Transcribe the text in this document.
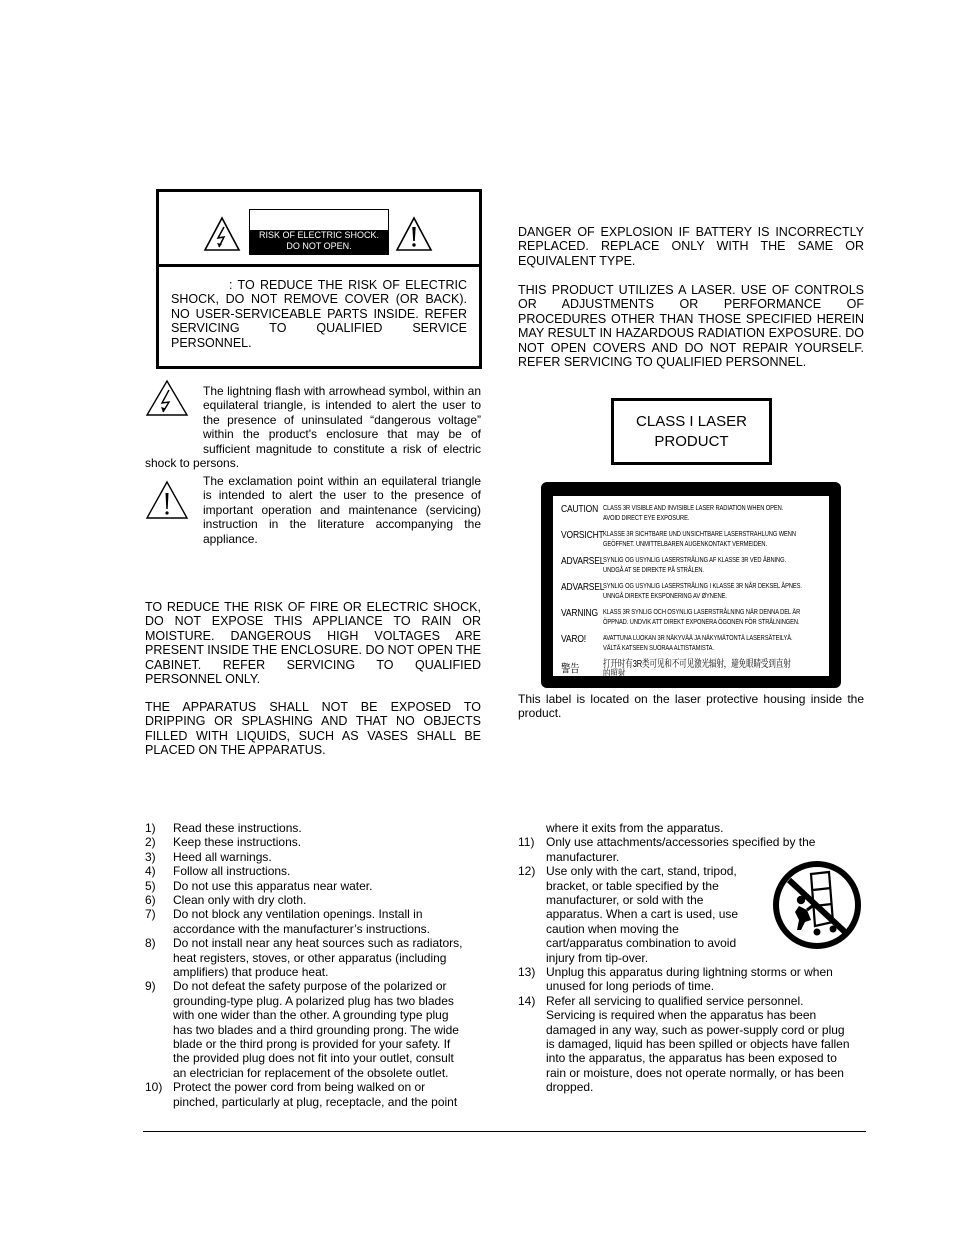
RISK OF ELECTRIC SHOCK.
DO NOT OPEN.
: TO REDUCE THE RISK OF ELECTRIC SHOCK, DO NOT REMOVE COVER (OR BACK). NO USER-SERVICEABLE PARTS INSIDE. REFER SERVICING TO QUALIFIED SERVICE PERSONNEL.
The lightning flash with arrowhead symbol, within an equilateral triangle, is intended to alert the user to the presence of uninsulated “dangerous voltage” within the product's enclosure that may be of sufficient magnitude to constitute a risk of electric shock to persons.
The exclamation point within an equilateral triangle is intended to alert the user to the presence of important operation and maintenance (servicing) instruction in the literature accompanying the appliance.
TO REDUCE THE RISK OF FIRE OR ELECTRIC SHOCK, DO NOT EXPOSE THIS APPLIANCE TO RAIN OR MOISTURE. DANGEROUS HIGH VOLTAGES ARE PRESENT INSIDE THE ENCLOSURE. DO NOT OPEN THE CABINET. REFER SERVICING TO QUALIFIED PERSONNEL ONLY.
THE APPARATUS SHALL NOT BE EXPOSED TO DRIPPING OR SPLASHING AND THAT NO OBJECTS FILLED WITH LIQUIDS, SUCH AS VASES SHALL BE PLACED ON THE APPARATUS.
DANGER OF EXPLOSION IF BATTERY IS INCORRECTLY REPLACED. REPLACE ONLY WITH THE SAME OR EQUIVALENT TYPE.
THIS PRODUCT UTILIZES A LASER. USE OF CONTROLS OR ADJUSTMENTS OR PERFORMANCE OF PROCEDURES OTHER THAN THOSE SPECIFIED HEREIN MAY RESULT IN HAZARDOUS RADIATION EXPOSURE. DO NOT OPEN COVERS AND DO NOT REPAIR YOURSELF. REFER SERVICING TO QUALIFIED PERSONNEL.
CLASS I LASER
PRODUCT
CAUTION CLASS 3R VISIBLE AND INVISIBLE LASER RADIATION WHEN OPEN.
AVOID DIRECT EYE EXPOSURE.
VORSICHT KLASSE 3R SICHTBARE UND UNSICHTBARE LASERSTRAHLUNG WENN
GEÖFFNET. UNMITTELBAREN AUGENKONTAKT VERMEIDEN.
ADVARSEL
SYNLIG OG USYNLIG LASERSTRÅLING AF KLASSE 3R VED ÅBNING.
UNDGÅ AT SE DIREKTE PÅ STRÅLEN.
ADVARSEL
SYNLIG OG USYNLIG LASERSTRÅLING I KLASSE 3R NÅR DEKSEL ÅPNES.
UNNGÅ DIREKTE EKSPONERING AV ØYNENE.
VARNING KLASS 3R SYNLIG OCH OSYNLIG LASERSTRÅLNING NÄR DENNA DEL ÄR
ÖPPNAD. UNDVIK ATT DIREKT EXPONERA ÖGONEN FÖR STRÅLNINGEN.
VARO!	AVATTUNA LUOKAN 3R NÄKYVÄÄ JA NÄKYMÄTÖNTÄ LASERSÄTEILYÄ.
VÄLTÄ KATSEEN SUORAA ALTISTAMISTA.
警告	打开时有3R类可见和不可见激光辐射，避免眼睛受到直射的照射
This label is located on the laser protective housing inside the product.
1) Read these instructions.
2) Keep these instructions.
3) Heed all warnings.
4) Follow all instructions.
5) Do not use this apparatus near water.
6) Clean only with dry cloth.
7) Do not block any ventilation openings. Install in
accordance with the manufacturer’s instructions.
8) Do not install near any heat sources such as radiators,
heat registers, stoves, or other apparatus (including
amplifiers) that produce heat.
9) Do not defeat the safety purpose of the polarized or
grounding-type plug. A polarized plug has two blades
with one wider than the other. A grounding type plug
has two blades and a third grounding prong. The wide
blade or the third prong is provided for your safety. If
the provided plug does not fit into your outlet, consult
an electrician for replacement of the obsolete outlet.
10) Protect the power cord from being walked on or
pinched, particularly at plug, receptacle, and the point
where it exits from the apparatus.
11) Only use attachments/accessories specified by the
manufacturer.
12) Use only with the cart, stand, tripod,
bracket, or table specified by the
manufacturer, or sold with the
apparatus. When a cart is used, use
caution when moving the
cart/apparatus combination to avoid
injury from tip-over.
13) Unplug this apparatus during lightning storms or when
unused for long periods of time.
14) Refer all servicing to qualified service personnel.
Servicing is required when the apparatus has been
damaged in any way, such as power-supply cord or plug
is damaged, liquid has been spilled or objects have fallen
into the apparatus, the apparatus has been exposed to
rain or moisture, does not operate normally, or has been
dropped.
